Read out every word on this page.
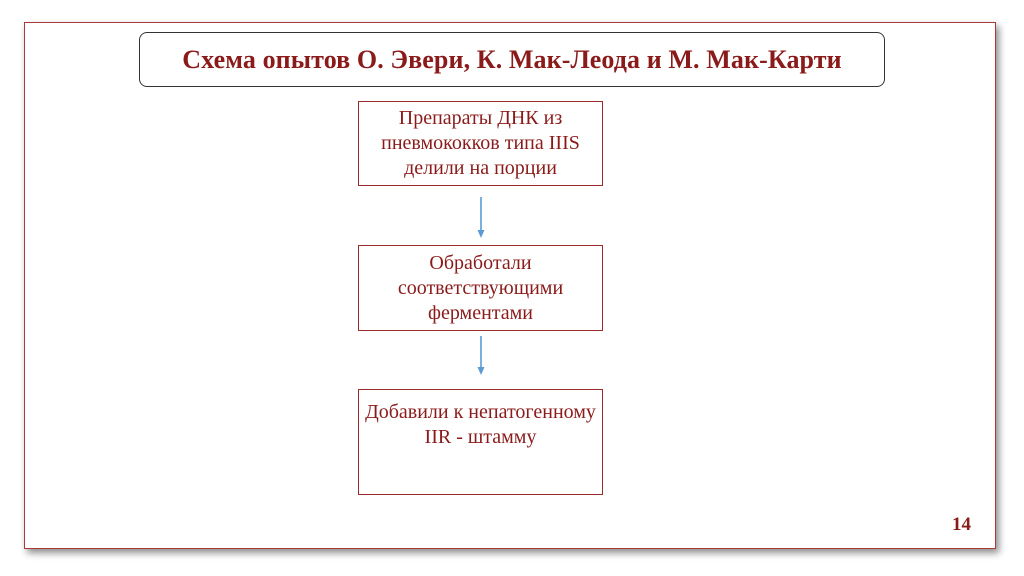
Схема опытов О. Эвери, К. Мак-Леода и М. Мак-Карти
Препараты ДНК из пневмококков типа IIIS делили на порции
Обработали соответствующими ферментами
Добавили к непатогенному IIR - штамму
14
